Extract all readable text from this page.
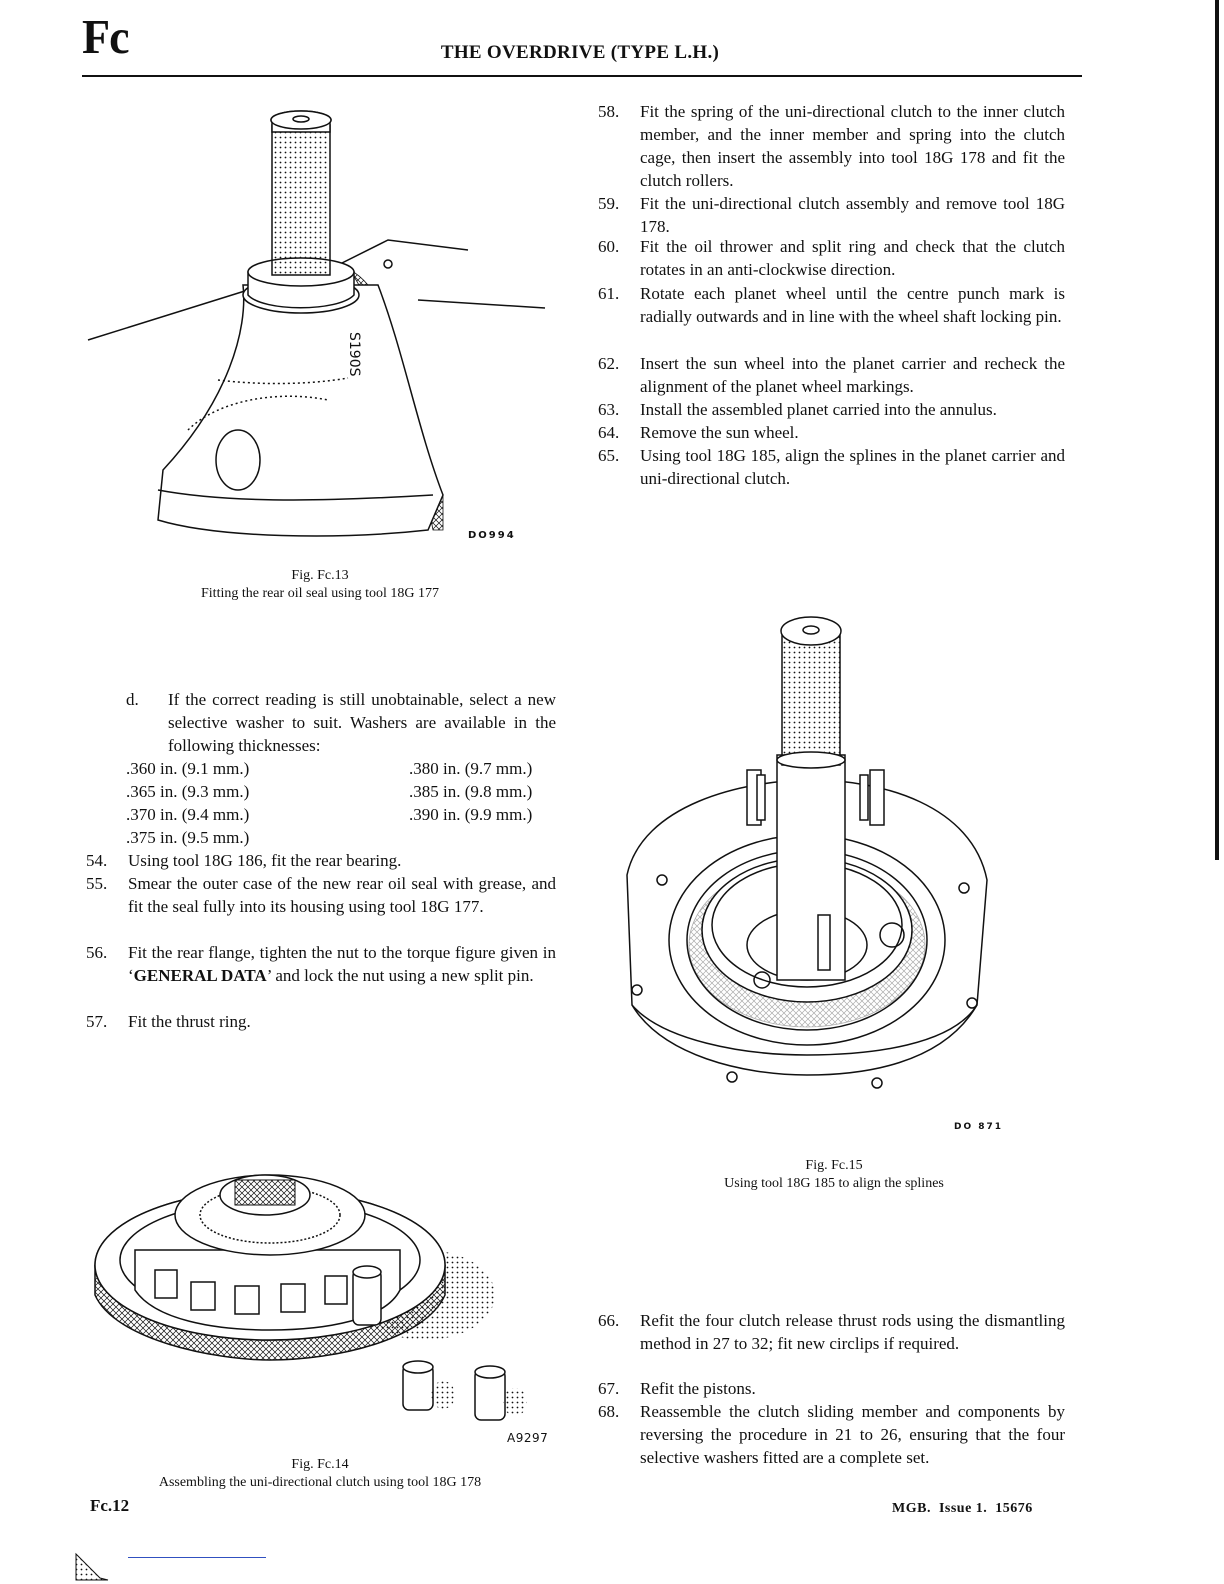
Fc	THE OVERDRIVE (TYPE L.H.)
S190S
DO994
Fig. Fc.13
Fitting the rear oil seal using tool 18G 177
d.	If the correct reading is still unobtainable, select a new selective washer to suit. Washers are available in the following thicknesses:
.360 in. (9.1 mm.)	.380 in. (9.7 mm.)
.365 in. (9.3 mm.)	.385 in. (9.8 mm.)
.370 in. (9.4 mm.)	.390 in. (9.9 mm.)
.375 in. (9.5 mm.)
54.	Using tool 18G 186, fit the rear bearing.
55.	Smear the outer case of the new rear oil seal with grease, and fit the seal fully into its housing using tool 18G 177.
56.	Fit the rear flange, tighten the nut to the torque figure given in ‘GENERAL DATA’ and lock the nut using a new split pin.
57.	Fit the thrust ring.
58.	Fit the spring of the uni-directional clutch to the inner clutch member, and the inner member and spring into the clutch cage, then insert the assembly into tool 18G 178 and fit the clutch rollers.
59.	Fit the uni-directional clutch assembly and remove tool 18G 178.
60.	Fit the oil thrower and split ring and check that the clutch rotates in an anti-clockwise direction.
61.	Rotate each planet wheel until the centre punch mark is radially outwards and in line with the wheel shaft locking pin.
62.	Insert the sun wheel into the planet carrier and recheck the alignment of the planet wheel markings.
63.	Install the assembled planet carried into the annulus.
64.	Remove the sun wheel.
65.	Using tool 18G 185, align the splines in the planet carrier and uni-directional clutch.
DO 871
Fig. Fc.15
Using tool 18G 185 to align the splines
A9297
Fig. Fc.14
Assembling the uni-directional clutch using tool 18G 178
66.	Refit the four clutch release thrust rods using the dismantling method in 27 to 32; fit new circlips if required.
67.	Refit the pistons.
68.	Reassemble the clutch sliding member and components by reversing the procedure in 21 to 26, ensuring that the four selective washers fitted are a complete set.
Fc.12	MGB.  Issue 1.  15676
